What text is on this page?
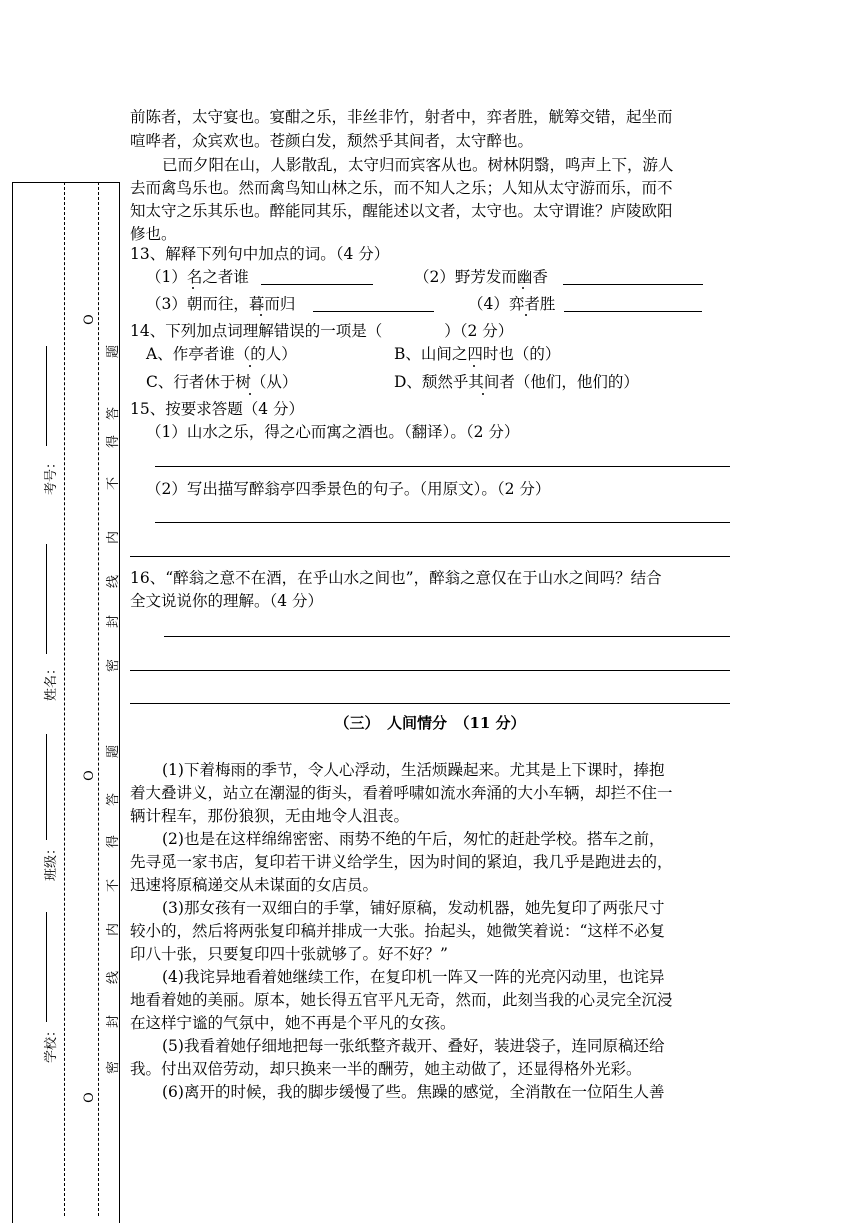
O
O
O
题
答
得
不
内
线
封
密
题
答
得
不
内
线
封
密
考号：
姓名：
班级：
学校：
前陈者，太守宴也。宴酣之乐，非丝非竹，射者中，弈者胜，觥筹交错，起坐而
喧哗者，众宾欢也。苍颜白发，颓然乎其间者，太守醉也。
已而夕阳在山，人影散乱，太守归而宾客从也。树林阴翳，鸣声上下，游人
去而禽鸟乐也。然而禽鸟知山林之乐，而不知人之乐；人知从太守游而乐，而不
知太守之乐其乐也。醉能同其乐，醒能述以文者，太守也。太守谓谁？庐陵欧阳
修也。
13、解释下列句中加点的词。（4 分）
（1）名之者谁	（2）野芳发而幽香
（3）朝而往，暮而归	（4）弈者胜
14、下列加点词理解错误的一项是（　　　　）（2 分）
A、作亭者谁（的人）	B、山间之四时也（的）
C、行者休于树（从）	D、颓然乎其间者（他们，他们的）
15、按要求答题（4 分）
（1）山水之乐，得之心而寓之酒也。（翻译）。（2 分）
（2）写出描写醉翁亭四季景色的句子。（用原文）。（2 分）
16、“醉翁之意不在酒，在乎山水之间也”，醉翁之意仅在于山水之间吗？结合
全文说说你的理解。（4 分）
（三）　人间情分　（11 分）
(1)下着梅雨的季节，令人心浮动，生活烦躁起来。尤其是上下课时，捧抱
着大叠讲义，站立在潮湿的街头，看着呼啸如流水奔涌的大小车辆，却拦不住一
辆计程车，那份狼狈，无由地令人沮丧。
(2)也是在这样绵绵密密、雨势不绝的午后，匆忙的赶赴学校。搭车之前，
先寻觅一家书店，复印若干讲义给学生，因为时间的紧迫，我几乎是跑进去的，
迅速将原稿递交从未谋面的女店员。
(3)那女孩有一双细白的手掌，铺好原稿，发动机器，她先复印了两张尺寸
较小的，然后将两张复印稿并排成一大张。抬起头，她微笑着说：“这样不必复
印八十张，只要复印四十张就够了。好不好？”
(4)我诧异地看着她继续工作，在复印机一阵又一阵的光亮闪动里，也诧异
地看着她的美丽。原本，她长得五官平凡无奇，然而，此刻当我的心灵完全沉浸
在这样宁谧的气氛中，她不再是个平凡的女孩。
(5)我看着她仔细地把每一张纸整齐裁开、叠好，装进袋子，连同原稿还给
我。付出双倍劳动，却只换来一半的酬劳，她主动做了，还显得格外光彩。
(6)离开的时候，我的脚步缓慢了些。焦躁的感觉，全消散在一位陌生人善
